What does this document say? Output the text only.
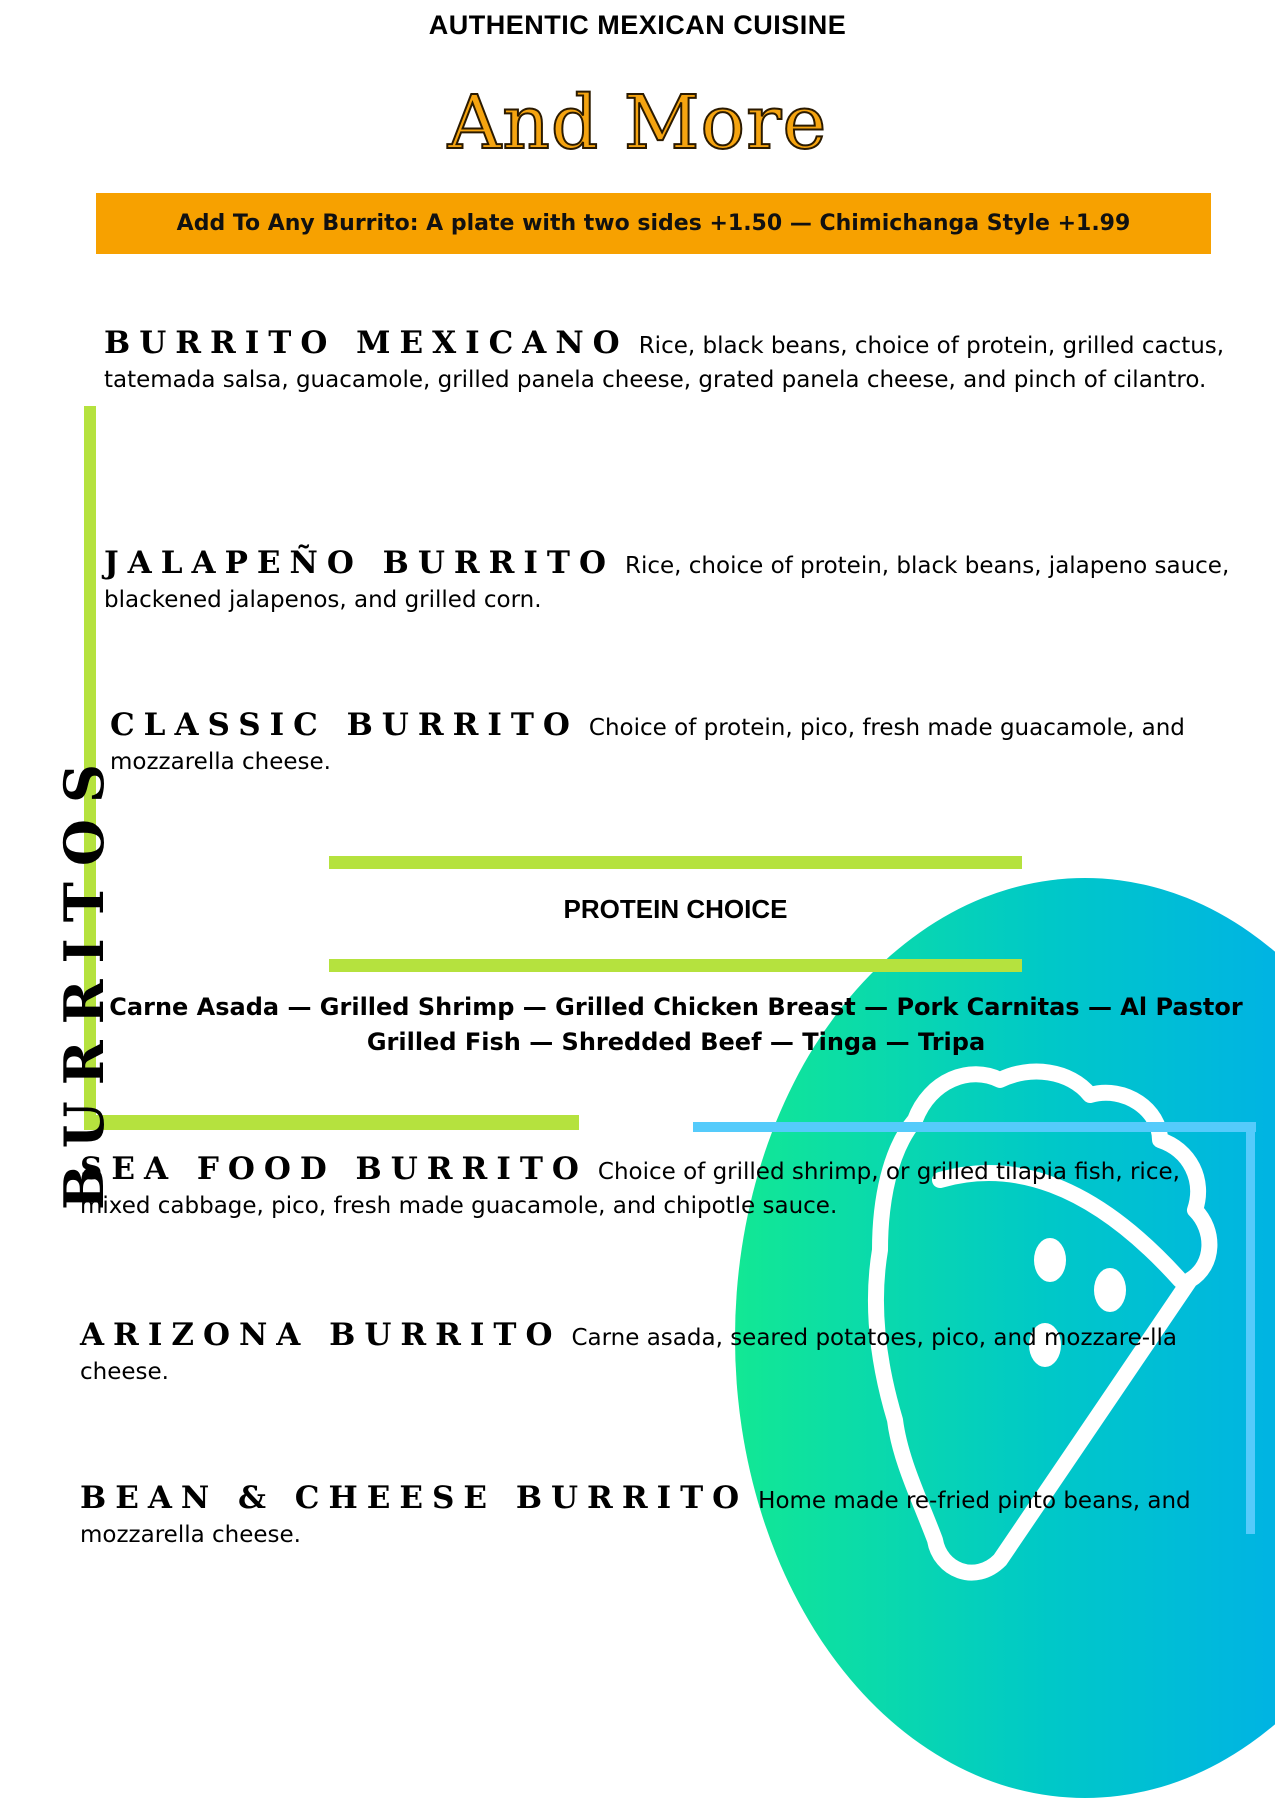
AUTHENTIC MEXICAN CUISINE
And More
Add To Any Burrito: A plate with two sides +1.50 — Chimichanga Style +1.99
BURRITOS
BURRITO MEXICANO Rice, black beans, choice of protein, grilled cactus, tatemada salsa, guacamole, grilled panela cheese, grated panela cheese, and pinch of cilantro.
JALAPEÑO BURRITO Rice, choice of protein, black beans, jalapeno sauce, blackened jalapenos, and grilled corn.
CLASSIC BURRITO Choice of protein, pico, fresh made guacamole, and mozzarella cheese.
PROTEIN CHOICE
Carne Asada — Grilled Shrimp — Grilled Chicken Breast — Pork Carnitas — Al Pastor
Grilled Fish — Shredded Beef — Tinga — Tripa
SEA FOOD BURRITO Choice of grilled shrimp, or grilled tilapia fish, rice, mixed cabbage, pico, fresh made guacamole, and chipotle sauce.
ARIZONA BURRITO Carne asada, seared potatoes, pico, and mozzare-lla cheese.
BEAN & CHEESE BURRITO Home made re-fried pinto beans, and mozzarella cheese.
